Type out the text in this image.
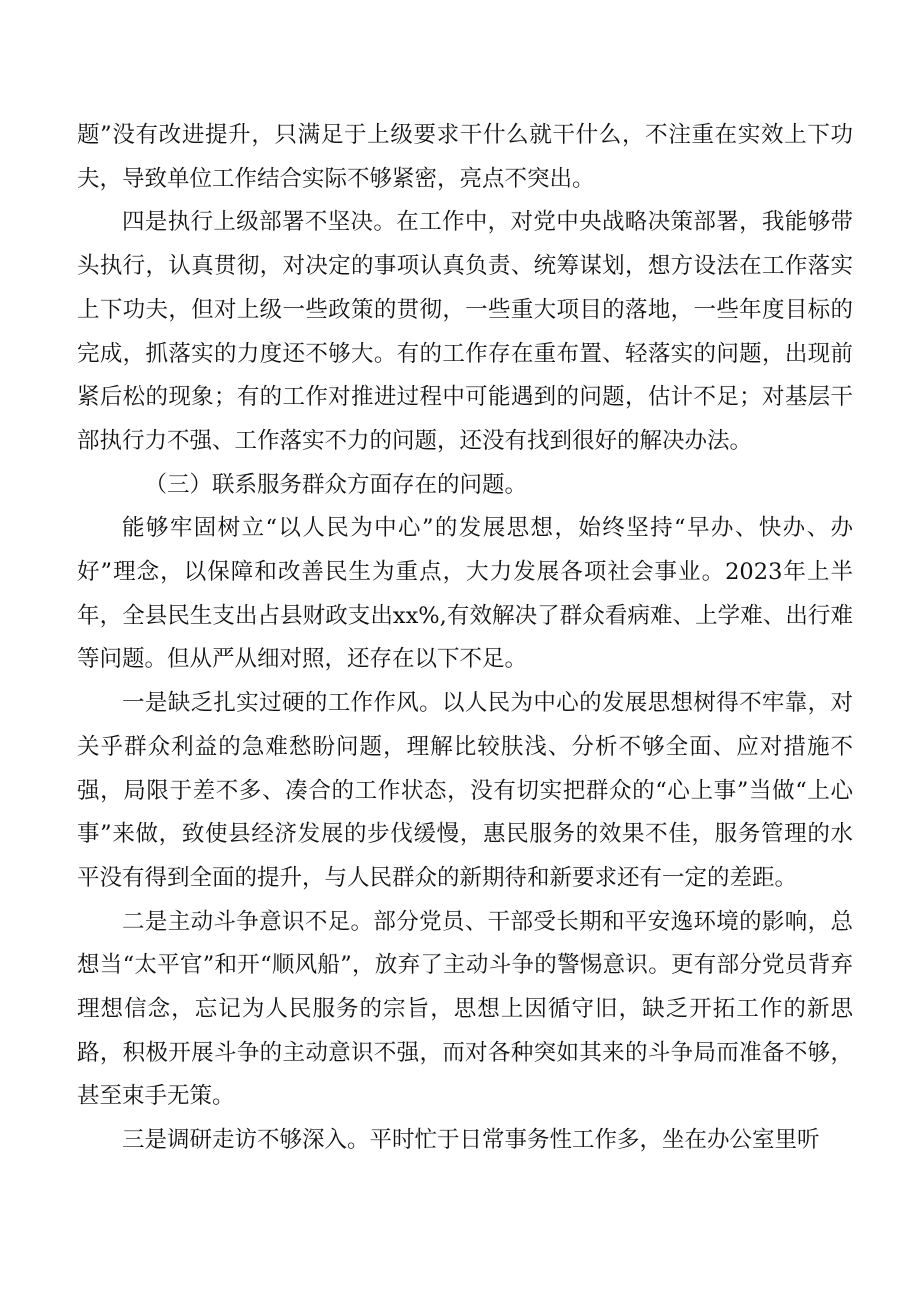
题”没有改进提升，只满足于上级要求干什么就干什么，不注重在实效上下功夫，导致单位工作结合实际不够紧密，亮点不突出。

四是执行上级部署不坚决。在工作中，对党中央战略决策部署，我能够带头执行，认真贯彻，对决定的事项认真负责、统筹谋划，想方设法在工作落实上下功夫，但对上级一些政策的贯彻，一些重大项目的落地，一些年度目标的完成，抓落实的力度还不够大。有的工作存在重布置、轻落实的问题，出现前紧后松的现象；有的工作对推进过程中可能遇到的问题，估计不足；对基层干部执行力不强、工作落实不力的问题，还没有找到很好的解决办法。

（三）联系服务群众方面存在的问题。

能够牢固树立“以人民为中心”的发展思想，始终坚持“早办、快办、办好”理念，以保障和改善民生为重点，大力发展各项社会事业。2023年上半年，全县民生支出占县财政支出xx%,有效解决了群众看病难、上学难、出行难等问题。但从严从细对照，还存在以下不足。

一是缺乏扎实过硬的工作作风。以人民为中心的发展思想树得不牢靠，对关乎群众利益的急难愁盼问题，理解比较肤浅、分析不够全面、应对措施不强，局限于差不多、凑合的工作状态，没有切实把群众的“心上事”当做“上心事”来做，致使县经济发展的步伐缓慢，惠民服务的效果不佳，服务管理的水平没有得到全面的提升，与人民群众的新期待和新要求还有一定的差距。

二是主动斗争意识不足。部分党员、干部受长期和平安逸环境的影响，总想当“太平官”和开“顺风船”，放弃了主动斗争的警惕意识。更有部分党员背弃理想信念，忘记为人民服务的宗旨，思想上因循守旧，缺乏开拓工作的新思路，积极开展斗争的主动意识不强，而对各种突如其来的斗争局而准备不够，甚至束手无策。

三是调研走访不够深入。平时忙于日常事务性工作多，坐在办公室里听
